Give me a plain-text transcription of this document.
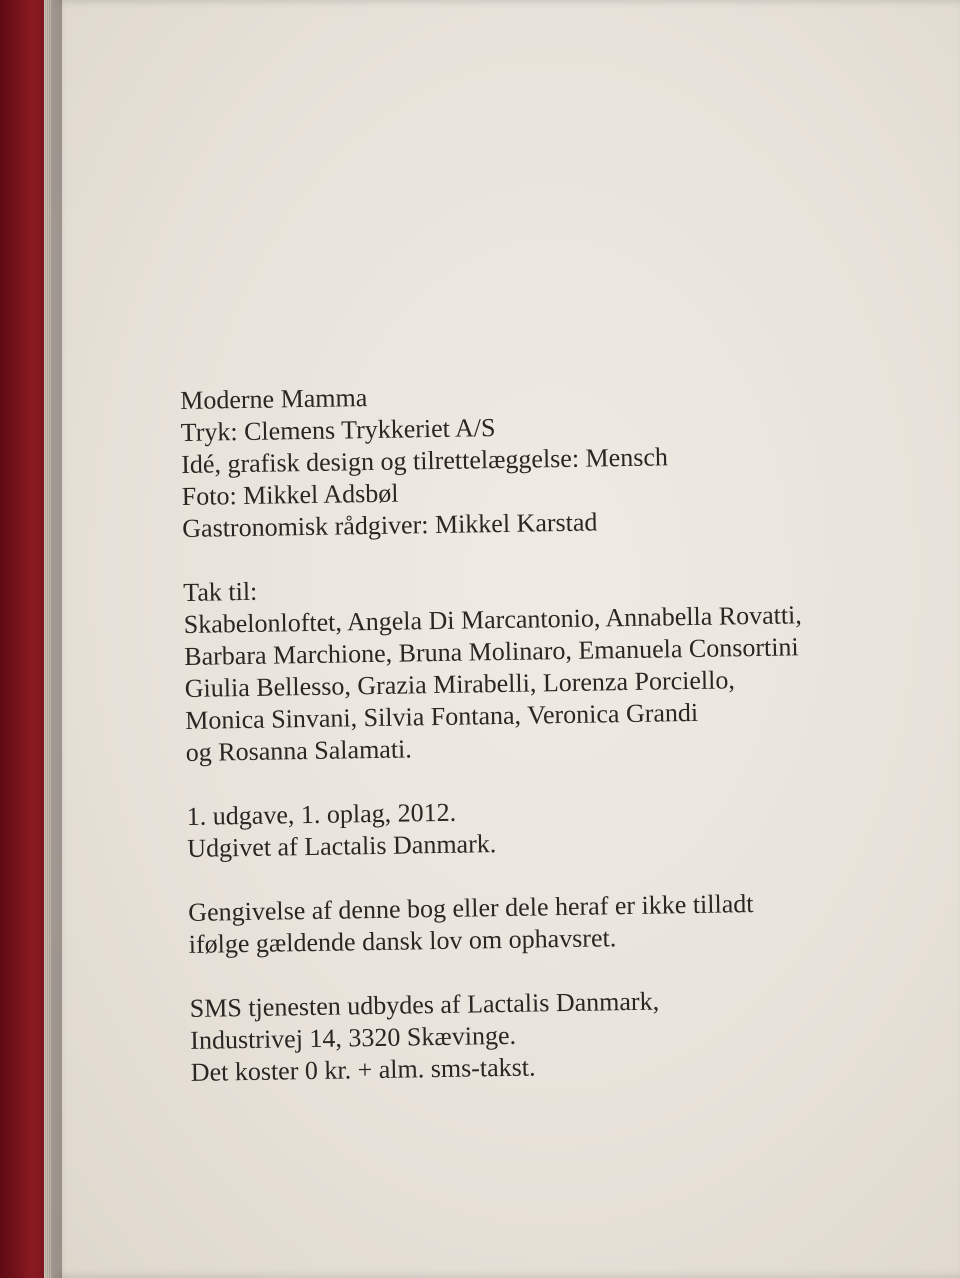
Moderne Mamma
Tryk: Clemens Trykkeriet A/S
Idé, grafisk design og tilrettelæggelse: Mensch
Foto: Mikkel Adsbøl
Gastronomisk rådgiver: Mikkel Karstad
Tak til:
Skabelonloftet, Angela Di Marcantonio, Annabella Rovatti,
Barbara Marchione, Bruna Molinaro, Emanuela Consortini
Giulia Bellesso, Grazia Mirabelli, Lorenza Porciello,
Monica Sinvani, Silvia Fontana, Veronica Grandi
og Rosanna Salamati.
1. udgave, 1. oplag, 2012.
Udgivet af Lactalis Danmark.
Gengivelse af denne bog eller dele heraf er ikke tilladt
ifølge gældende dansk lov om ophavsret.
SMS tjenesten udbydes af Lactalis Danmark,
Industrivej 14, 3320 Skævinge.
Det koster 0 kr. + alm. sms-takst.
